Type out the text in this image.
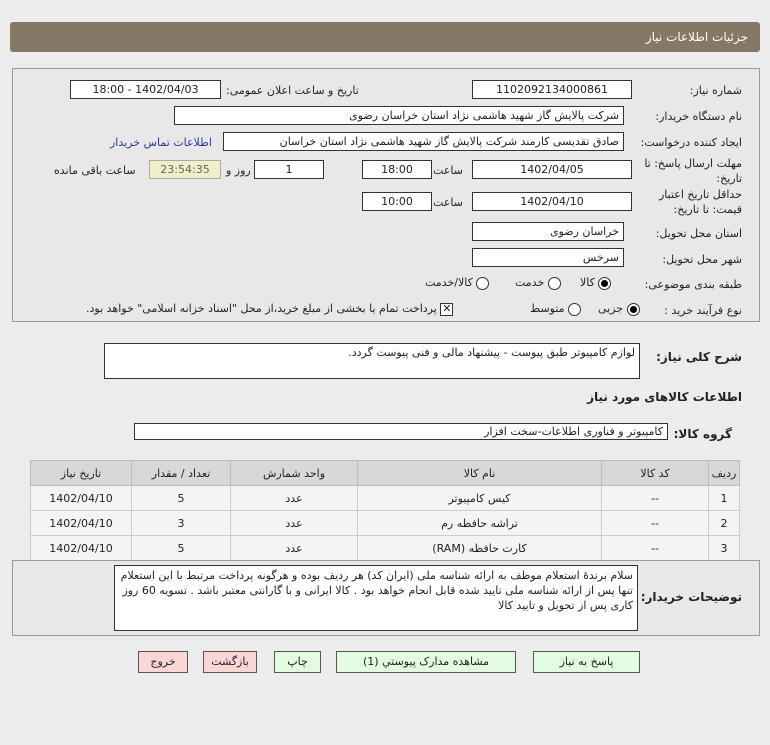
جزئیات اطلاعات نیاز
شماره نیاز:
1102092134000861
تاریخ و ساعت اعلان عمومی:
1402/04/03 - 18:00
نام دستگاه خریدار:
شرکت پالایش گاز شهید هاشمی نژاد استان خراسان رضوی
ایجاد کننده درخواست:
صادق تقدیسی کارمند شرکت پالایش گاز شهید هاشمی نژاد استان خراسان
اطلاعات تماس خریدار
مهلت ارسال پاسخ: تا تاریخ:
1402/04/05
ساعت
18:00
1
روز و
23:54:35
ساعت باقی مانده
حداقل تاریخ اعتبار قیمت: تا تاریخ:
1402/04/10
ساعت
10:00
استان محل تحویل:
خراسان رضوی
شهر محل تحویل:
سرخس
طبقه بندی موضوعی:
کالا
خدمت
کالا/خدمت
نوع فرآیند خرید :
جزیی
متوسط
✕ پرداخت تمام یا بخشی از مبلغ خرید،از محل "اسناد خزانه اسلامی" خواهد بود.
شرح کلی نیاز:
لوازم کامپیوتر طبق پیوست - پیشنهاد مالی و فنی پیوست گردد.
اطلاعات کالاهای مورد نیاز
گروه کالا:
کامپیوتر و فناوری اطلاعات-سخت افزار
ردیف	کد کالا	نام کالا	واحد شمارش	تعداد / مقدار	تاریخ نیاز
1	--	کیس کامپیوتر	عدد	5	1402/04/10
2	--	تراشه حافظه رم	عدد	3	1402/04/10
3	--	کارت حافظه (RAM)	عدد	5	1402/04/10
توضیحات خریدار:
سلام برندۀ استعلام موظف به ارائه شناسه ملی (ایران کد) هر ردیف بوده و هرگونه پرداخت مرتبط با این استعلام تنها پس از ارائه شناسه ملی تایید شده قابل انجام خواهد بود . کالا ایرانی و با گارانتی معتبر باشد . تسویه 60 روز کاری پس از تحویل و تایید کالا
پاسخ به نیاز
مشاهده مدارک پیوستي (1)
چاپ
بازگشت
خروج
